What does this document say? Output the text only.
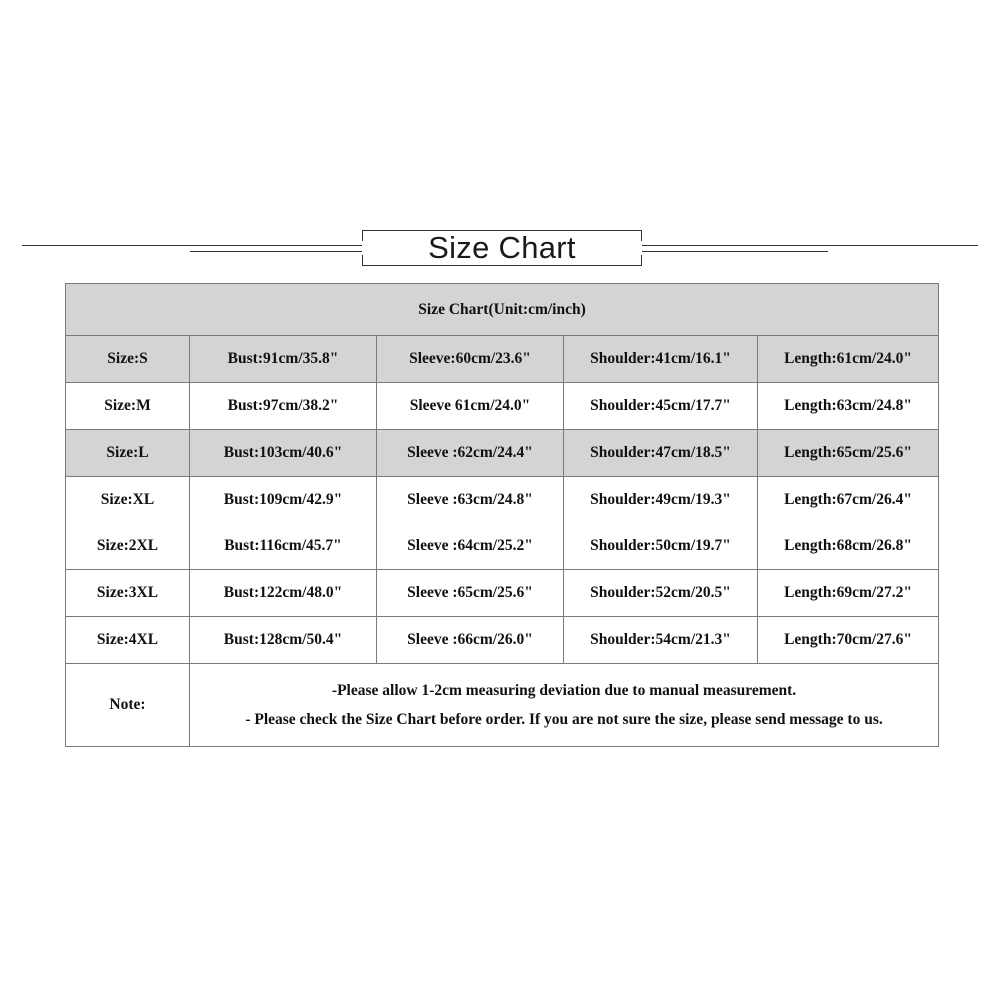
Size Chart
Size Chart(Unit:cm/inch)				
Size:S	Bust:91cm/35.8"	Sleeve:60cm/23.6"	Shoulder:41cm/16.1"	Length:61cm/24.0"
Size:M	Bust:97cm/38.2"	Sleeve 61cm/24.0"	Shoulder:45cm/17.7"	Length:63cm/24.8"
Size:L	Bust:103cm/40.6"	Sleeve :62cm/24.4"	Shoulder:47cm/18.5"	Length:65cm/25.6"
Size:XL	Bust:109cm/42.9"	Sleeve :63cm/24.8"	Shoulder:49cm/19.3"	Length:67cm/26.4"
Size:2XL	Bust:116cm/45.7"	Sleeve :64cm/25.2"	Shoulder:50cm/19.7"	Length:68cm/26.8"
Size:3XL	Bust:122cm/48.0"	Sleeve :65cm/25.6"	Shoulder:52cm/20.5"	Length:69cm/27.2"
Size:4XL	Bust:128cm/50.4"	Sleeve :66cm/26.0"	Shoulder:54cm/21.3"	Length:70cm/27.6"
Note:	-Please allow 1-2cm measuring deviation due to manual measurement.
- Please check the Size Chart before order. If you are not sure the size, please send message to us.			
